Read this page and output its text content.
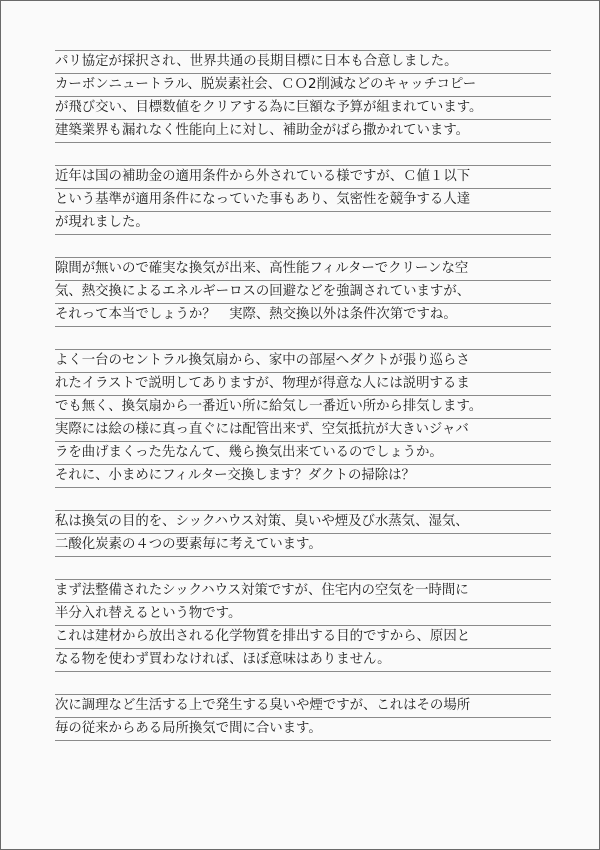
パリ協定が採択され、世界共通の長期目標に日本も合意しました。
カーボンニュートラル、脱炭素社会、ＣＯ2削減などのキャッチコピー
が飛び交い、目標数値をクリアする為に巨額な予算が組まれています。
建築業界も漏れなく性能向上に対し、補助金がばら撒かれています。
近年は国の補助金の適用条件から外されている様ですが、Ｃ値１以下
という基準が適用条件になっていた事もあり、気密性を競争する人達
が現れました。
隙間が無いので確実な換気が出来、高性能フィルターでクリーンな空
気、熱交換によるエネルギーロスの回避などを強調されていますが、
それって本当でしょうか？　実際、熱交換以外は条件次第ですね。
よく一台のセントラル換気扇から、家中の部屋へダクトが張り巡らさ
れたイラストで説明してありますが、物理が得意な人には説明するま
でも無く、換気扇から一番近い所に給気し一番近い所から排気します。
実際には絵の様に真っ直ぐには配管出来ず、空気抵抗が大きいジャバ
ラを曲げまくった先なんて、幾ら換気出来ているのでしょうか。
それに、小まめにフィルター交換します？ダクトの掃除は？
私は換気の目的を、シックハウス対策、臭いや煙及び水蒸気、湿気、
二酸化炭素の４つの要素毎に考えています。
まず法整備されたシックハウス対策ですが、住宅内の空気を一時間に
半分入れ替えるという物です。
これは建材から放出される化学物質を排出する目的ですから、原因と
なる物を使わず買わなければ、ほぼ意味はありません。
次に調理など生活する上で発生する臭いや煙ですが、これはその場所
毎の従来からある局所換気で間に合います。
